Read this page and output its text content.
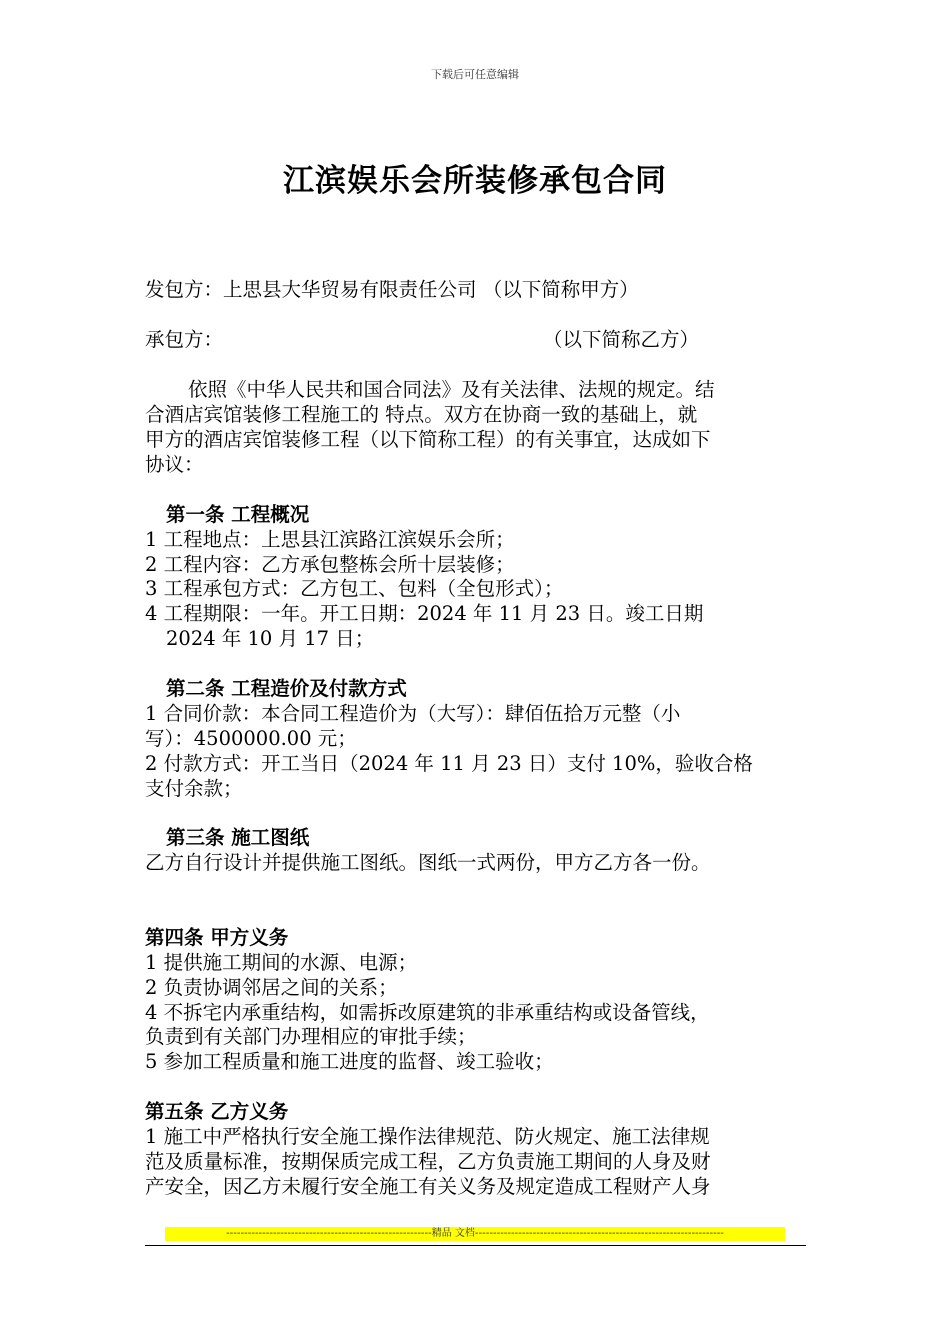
下载后可任意编辑
江滨娱乐会所装修承包合同
发包方：上思县大华贸易有限责任公司 （以下简称甲方）
承包方：	（以下简称乙方）
依照《中华人民共和国合同法》及有关法律、法规的规定。结
合酒店宾馆装修工程施工的 特点。双方在协商一致的基础上，就
甲方的酒店宾馆装修工程（以下简称工程）的有关事宜，达成如下
协议：
第一条 工程概况
1 工程地点：上思县江滨路江滨娱乐会所；
2 工程内容：乙方承包整栋会所十层装修；
3 工程承包方式：乙方包工、包料（全包形式）；
4 工程期限：一年。开工日期：2024 年 11 月 23 日。竣工日期
2024 年 10 月 17 日；
第二条 工程造价及付款方式
1 合同价款：本合同工程造价为（大写）：肆佰伍拾万元整（小
写）：4500000.00 元；
2 付款方式：开工当日（2024 年 11 月 23 日）支付 10%，验收合格
支付余款；
第三条 施工图纸
乙方自行设计并提供施工图纸。图纸一式两份，甲方乙方各一份。
第四条 甲方义务
1 提供施工期间的水源、电源；
2 负责协调邻居之间的关系；
4 不拆宅内承重结构，如需拆改原建筑的非承重结构或设备管线，
负责到有关部门办理相应的审批手续；
5 参加工程质量和施工进度的监督、竣工验收；
第五条 乙方义务
1 施工中严格执行安全施工操作法律规范、防火规定、施工法律规
范及质量标准，按期保质完成工程，乙方负责施工期间的人身及财
产安全，因乙方未履行安全施工有关义务及规定造成工程财产人身
---------------------------------------------------------精品 文档---------------------------------------------------------------------
